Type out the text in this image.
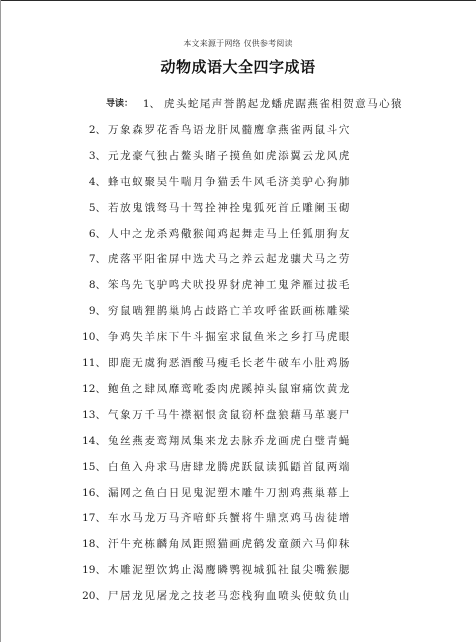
本文来源于网络 仅供参考阅读
动物成语大全四字成语
导读： 1、 虎头蛇尾声誉鹊起龙蟠虎踞燕雀相贺意马心猿
2、 万象森罗花香鸟语龙肝凤髓鹰拿燕雀两鼠斗穴
3、 元龙豪气独占鳌头睹子摸鱼如虎添翼云龙风虎
4、 蜂屯蚁聚吴牛喘月争猫丢牛风毛济美驴心狗肺
5、 若放鬼饿驽马十驾拴神拴鬼狐死首丘雕阑玉砌
6、 人中之龙杀鸡儆猴闻鸡起舞走马上任狐朋狗友
7、 虎落平阳雀屏中选犬马之养云起龙骧犬马之劳
8、 笨鸟先飞驴鸣犬吠投界豺虎神工鬼斧雁过拔毛
9、 穷鼠啮狸鹊巢鸠占歧路亡羊攻呼雀跃画栋雕梁
10、 争鸡失羊床下牛斗掘室求鼠鱼米之乡打马虎眼
11、 即鹿无虞狗恶酒酸马瘦毛长老牛破车小肚鸡肠
12、 鲍鱼之肆凤靡鸾吪委肉虎蹊掉头鼠窜痛饮黄龙
13、 气象万千马牛襟裾恨贪鼠窃杯盘狼藉马革裹尸
14、 兔丝燕麦鸾翔凤集来龙去脉乔龙画虎白璧青蝇
15、 白鱼入舟求马唐肆龙腾虎跃鼠读狐鼯首鼠两端
16、 漏网之鱼白日见鬼泥塑木雕牛刀割鸡燕巢幕上
17、 车水马龙万马齐喑虾兵蟹将牛鼎烹鸡马齿徒增
18、 汗牛充栋麟角凤距照猫画虎鹤发童颜六马仰秣
19、 木雕泥塑饮鸩止渴鹰瞵鹗视城狐社鼠尖嘴猴腮
20、 尸居龙见屠龙之技老马恋栈狗血喷头使蚊负山
